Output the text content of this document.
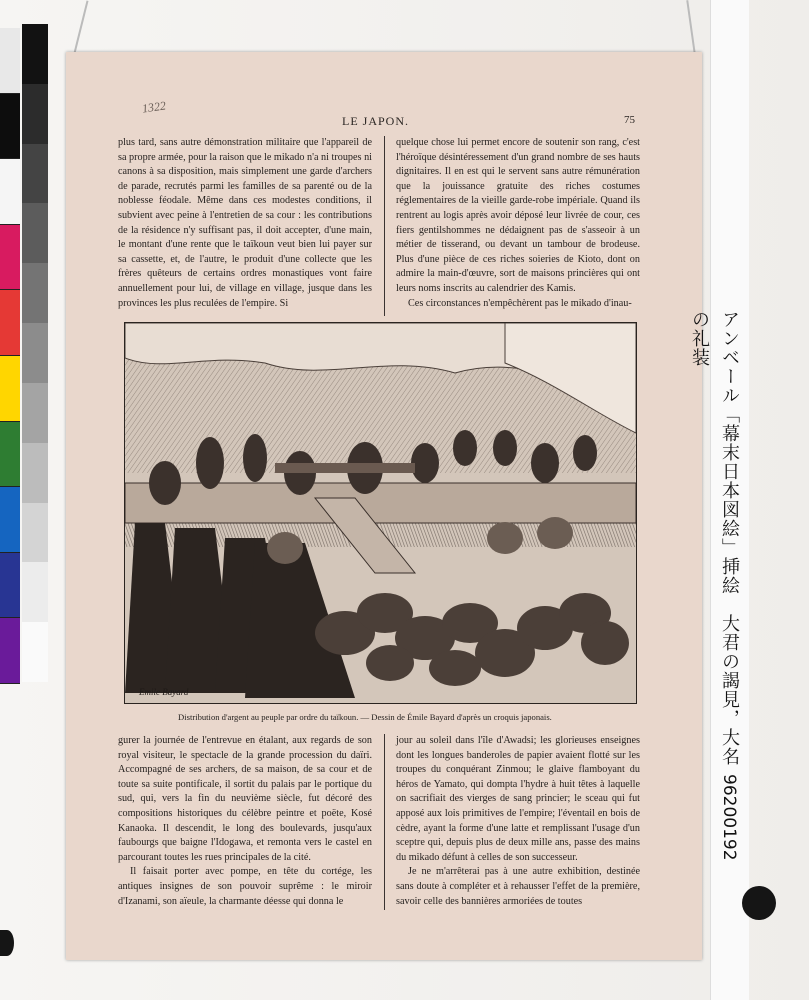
1322
LE JAPON.	75

plus tard, sans autre démonstration militaire que l'appareil de sa propre armée, pour la raison que le mikado n'a ni troupes ni canons à sa disposition, mais simplement une garde d'archers de parade, recrutés parmi les familles de sa parenté ou de la noblesse féodale. Même dans ces modestes conditions, il subvient avec peine à l'entretien de sa cour : les contributions de la résidence n'y suffisant pas, il doit accepter, d'une main, le montant d'une rente que le taïkoun veut bien lui payer sur sa cassette, et, de l'autre, le produit d'une collecte que les frères quêteurs de certains ordres monastiques vont faire annuellement pour lui, de village en village, jusque dans les provinces les plus reculées de l'empire. Si

quelque chose lui permet encore de soutenir son rang, c'est l'héroïque désintéressement d'un grand nombre de ses hauts dignitaires. Il en est qui le servent sans autre rémunération que la jouissance gratuite des riches costumes réglementaires de la vieille garde-robe impériale. Quand ils rentrent au logis après avoir déposé leur livrée de cour, ces fiers gentilshommes ne dédaignent pas de s'asseoir à un métier de tisserand, ou devant un tambour de brodeuse. Plus d'une pièce de ces riches soieries de Kioto, dont on admire la main-d'œuvre, sort de maisons princières qui ont leurs noms inscrits au calendrier des Kamis.

Ces circonstances n'empêchèrent pas le mikado d'inau-

Emile Bayard
Distribution d'argent au peuple par ordre du taïkoun. — Dessin de Émile Bayard d'après un croquis japonais.

gurer la journée de l'entrevue en étalant, aux regards de son royal visiteur, le spectacle de la grande procession du daïri. Accompagné de ses archers, de sa maison, de sa cour et de toute sa suite pontificale, il sortit du palais par le portique du sud, qui, vers la fin du neuvième siècle, fut décoré des compositions historiques du célèbre peintre et poëte, Kosé Kanaoka. Il descendit, le long des boulevards, jusqu'aux faubourgs que baigne l'Idogawa, et remonta vers le castel en parcourant toutes les rues principales de la cité.

Il faisait porter avec pompe, en tête du cortége, les antiques insignes de son pouvoir suprême : le miroir d'Izanami, son aïeule, la charmante déesse qui donna le

jour au soleil dans l'île d'Awadsi; les glorieuses enseignes dont les longues banderoles de papier avaient flotté sur les troupes du conquérant Zinmou; le glaive flamboyant du héros de Yamato, qui dompta l'hydre à huit têtes à laquelle on sacrifiait des vierges de sang princier; le sceau qui fut apposé aux lois primitives de l'empire; l'éventail en bois de cèdre, ayant la forme d'une latte et remplissant l'usage d'un sceptre qui, depuis plus de deux mille ans, passe des mains du mikado défunt à celles de son successeur.

Je ne m'arrêterai pas à une autre exhibition, destinée sans doute à compléter et à rehausser l'effet de la première, savoir celle des bannières armoriées de toutes

アンベール「幕末日本図絵」挿絵　大君の謁見，大名の礼装
96200192
